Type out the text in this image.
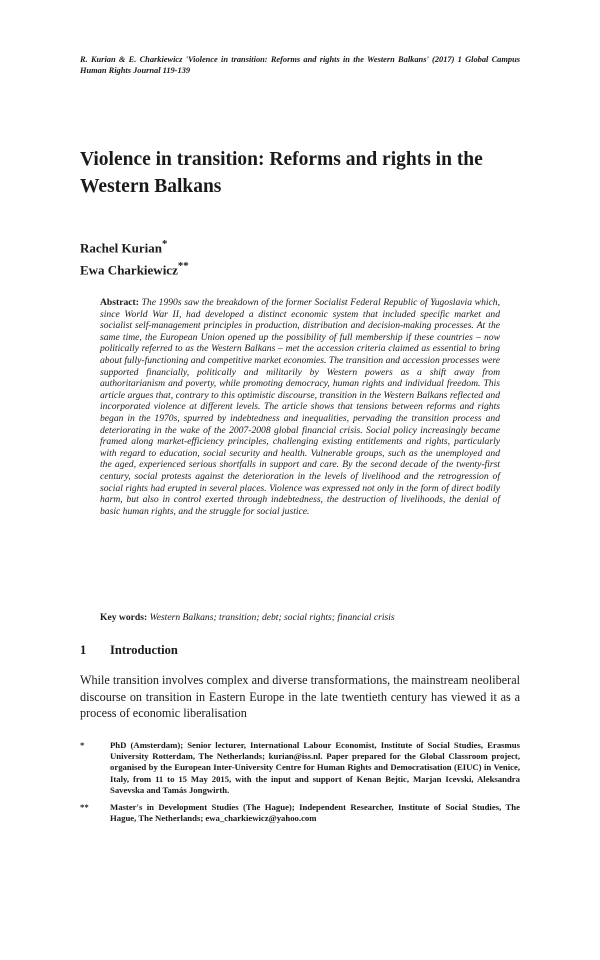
R. Kurian & E. Charkiewicz 'Violence in transition: Reforms and rights in the Western Balkans' (2017) 1 Global Campus Human Rights Journal 119-139
Violence in transition: Reforms and rights in the Western Balkans
Rachel Kurian*
Ewa Charkiewicz**
Abstract: The 1990s saw the breakdown of the former Socialist Federal Republic of Yugoslavia which, since World War II, had developed a distinct economic system that included specific market and socialist self-management principles in production, distribution and decision-making processes. At the same time, the European Union opened up the possibility of full membership if these countries – now politically referred to as the Western Balkans – met the accession criteria claimed as essential to bring about fully-functioning and competitive market economies. The transition and accession processes were supported financially, politically and militarily by Western powers as a shift away from authoritarianism and poverty, while promoting democracy, human rights and individual freedom. This article argues that, contrary to this optimistic discourse, transition in the Western Balkans reflected and incorporated violence at different levels. The article shows that tensions between reforms and rights began in the 1970s, spurred by indebtedness and inequalities, pervading the transition process and deteriorating in the wake of the 2007-2008 global financial crisis. Social policy increasingly became framed along market-efficiency principles, challenging existing entitlements and rights, particularly with regard to education, social security and health. Vulnerable groups, such as the unemployed and the aged, experienced serious shortfalls in support and care. By the second decade of the twenty-first century, social protests against the deterioration in the levels of livelihood and the retrogression of social rights had erupted in several places. Violence was expressed not only in the form of direct bodily harm, but also in control exerted through indebtedness, the destruction of livelihoods, the denial of basic human rights, and the struggle for social justice.
Key words: Western Balkans; transition; debt; social rights; financial crisis
1 Introduction
While transition involves complex and diverse transformations, the mainstream neoliberal discourse on transition in Eastern Europe in the late twentieth century has viewed it as a process of economic liberalisation
*	PhD (Amsterdam); Senior lecturer, International Labour Economist, Institute of Social Studies, Erasmus University Rotterdam, The Netherlands; kurian@iss.nl. Paper prepared for the Global Classroom project, organised by the European Inter-University Centre for Human Rights and Democratisation (EIUC) in Venice, Italy, from 11 to 15 May 2015, with the input and support of Kenan Bejtic, Marjan Icevski, Aleksandra Savevska and Tamás Jongwirth.
**	Master's in Development Studies (The Hague); Independent Researcher, Institute of Social Studies, The Hague, The Netherlands; ewa_charkiewicz@yahoo.com
